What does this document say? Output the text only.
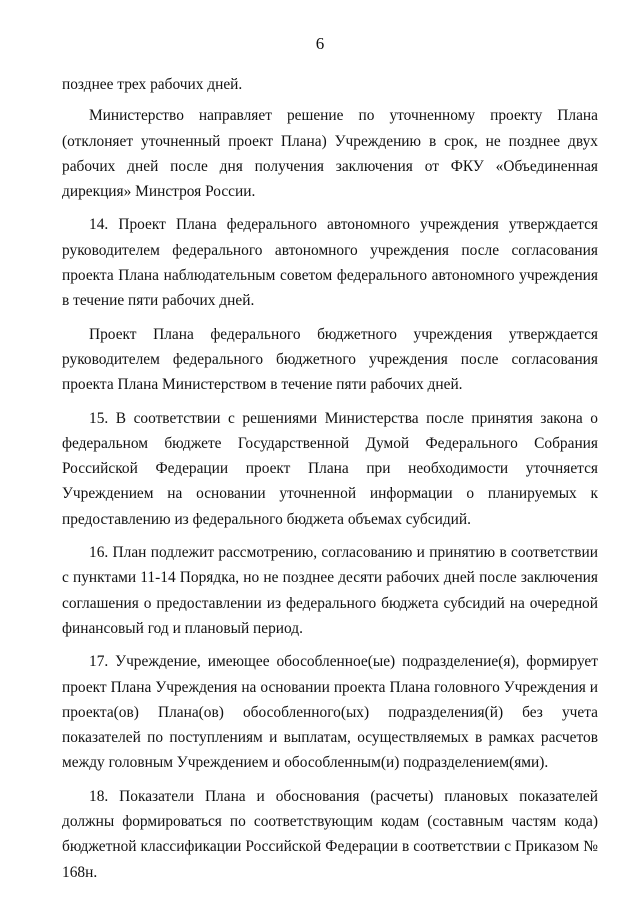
6

позднее трех рабочих дней.

Министерство направляет решение по уточненному проекту Плана (отклоняет уточненный проект Плана) Учреждению в срок, не позднее двух рабочих дней после дня получения заключения от ФКУ «Объединенная дирекция» Минстроя России.

14. Проект Плана федерального автономного учреждения утверждается руководителем федерального автономного учреждения после согласования проекта Плана наблюдательным советом федерального автономного учреждения в течение пяти рабочих дней.

Проект Плана федерального бюджетного учреждения утверждается руководителем федерального бюджетного учреждения после согласования проекта Плана Министерством в течение пяти рабочих дней.

15. В соответствии с решениями Министерства после принятия закона о федеральном бюджете Государственной Думой Федерального Собрания Российской Федерации проект Плана при необходимости уточняется Учреждением на основании уточненной информации о планируемых к предоставлению из федерального бюджета объемах субсидий.

16. План подлежит рассмотрению, согласованию и принятию в соответствии с пунктами 11-14 Порядка, но не позднее десяти рабочих дней после заключения соглашения о предоставлении из федерального бюджета субсидий на очередной финансовый год и плановый период.

17. Учреждение, имеющее обособленное(ые) подразделение(я), формирует проект Плана Учреждения на основании проекта Плана головного Учреждения и проекта(ов) Плана(ов) обособленного(ых) подразделения(й) без учета показателей по поступлениям и выплатам, осуществляемых в рамках расчетов между головным Учреждением и обособленным(и) подразделением(ями).

18. Показатели Плана и обоснования (расчеты) плановых показателей должны формироваться по соответствующим кодам (составным частям кода) бюджетной классификации Российской Федерации в соответствии с Приказом № 168н.
